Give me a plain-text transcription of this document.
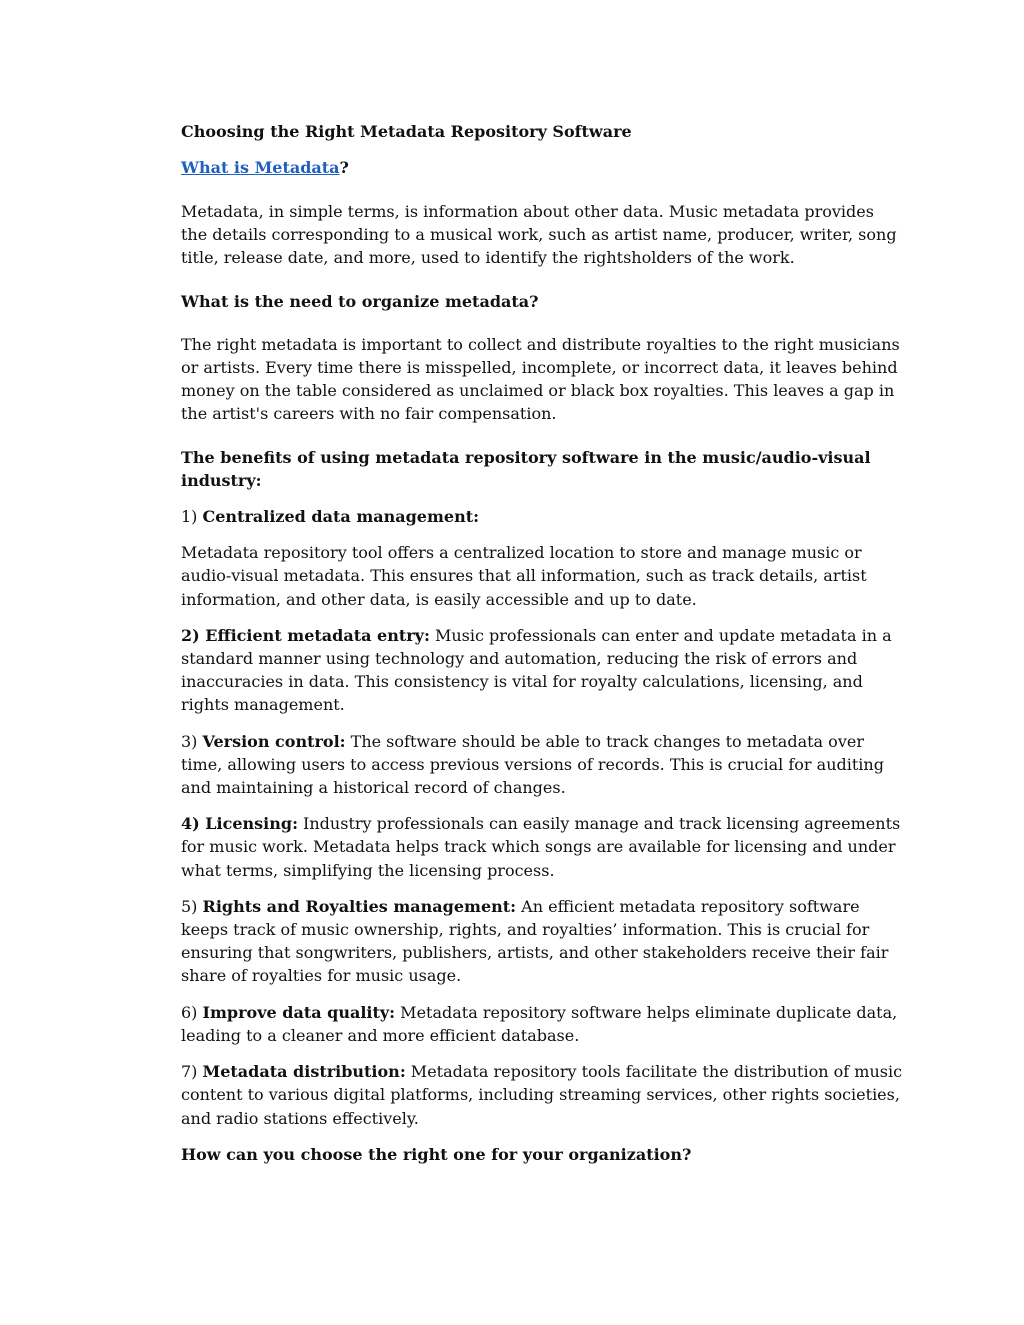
Choosing the Right Metadata Repository Software
What is Metadata?

Metadata, in simple terms, is information about other data. Music metadata provides the details corresponding to a musical work, such as artist name, producer, writer, song title, release date, and more, used to identify the rightsholders of the work.

What is the need to organize metadata?

The right metadata is important to collect and distribute royalties to the right musicians or artists. Every time there is misspelled, incomplete, or incorrect data, it leaves behind money on the table considered as unclaimed or black box royalties. This leaves a gap in the artist's careers with no fair compensation.

The benefits of using metadata repository software in the music/audio-visual industry:

1) Centralized data management:

Metadata repository tool offers a centralized location to store and manage music or audio-visual metadata. This ensures that all information, such as track details, artist information, and other data, is easily accessible and up to date.

2) Efficient metadata entry: Music professionals can enter and update metadata in a standard manner using technology and automation, reducing the risk of errors and inaccuracies in data. This consistency is vital for royalty calculations, licensing, and rights management.

3) Version control: The software should be able to track changes to metadata over time, allowing users to access previous versions of records. This is crucial for auditing and maintaining a historical record of changes.

4) Licensing: Industry professionals can easily manage and track licensing agreements for music work. Metadata helps track which songs are available for licensing and under what terms, simplifying the licensing process.

5) Rights and Royalties management: An efficient metadata repository software keeps track of music ownership, rights, and royalties’ information. This is crucial for ensuring that songwriters, publishers, artists, and other stakeholders receive their fair share of royalties for music usage.

6) Improve data quality: Metadata repository software helps eliminate duplicate data, leading to a cleaner and more efficient database.

7) Metadata distribution: Metadata repository tools facilitate the distribution of music content to various digital platforms, including streaming services, other rights societies, and radio stations effectively.

How can you choose the right one for your organization?
